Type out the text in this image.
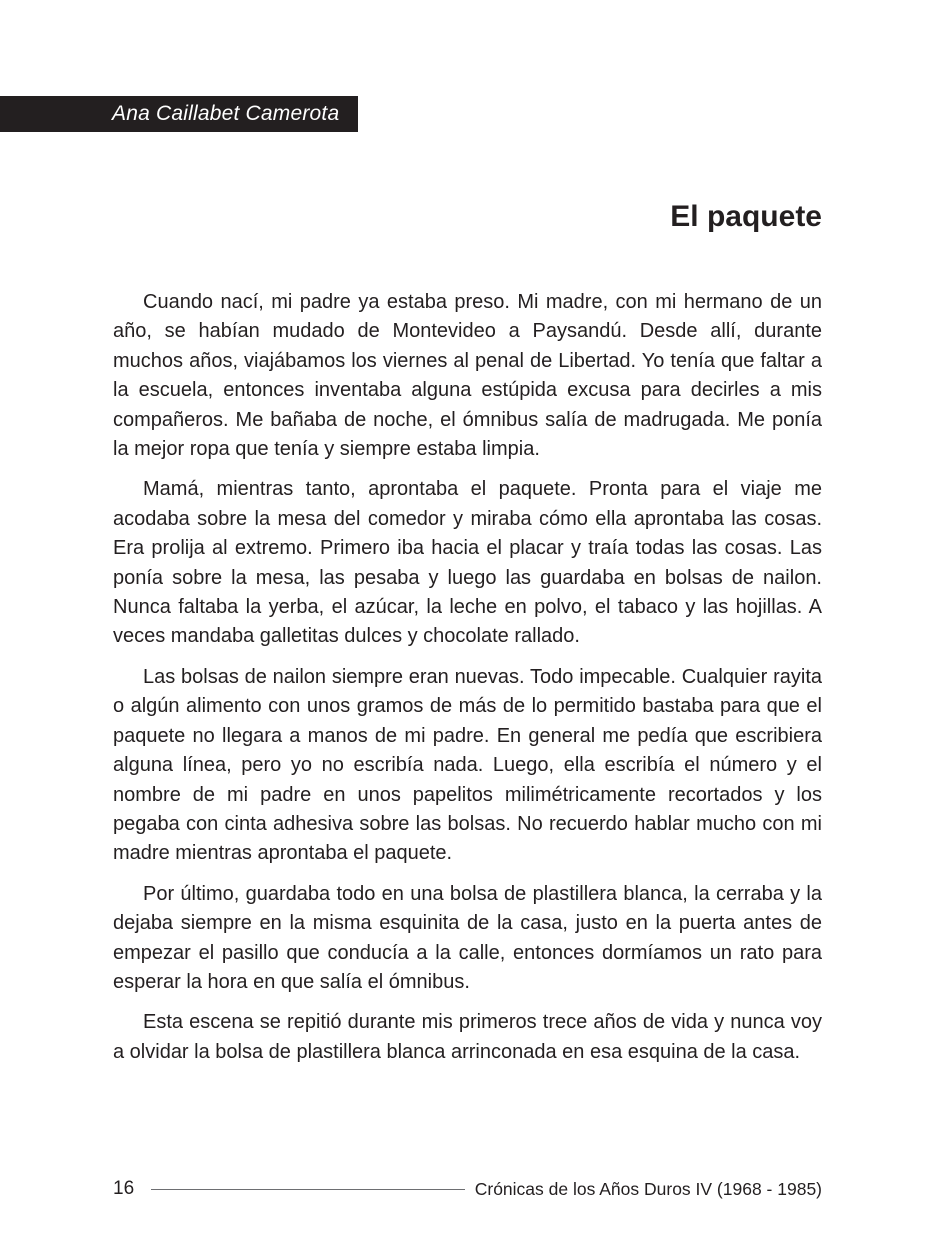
Ana Caillabet Camerota
El paquete

Cuando nací, mi padre ya estaba preso. Mi madre, con mi hermano de un año, se habían mudado de Montevideo a Paysandú. Desde allí, durante muchos años, viajábamos los viernes al penal de Libertad. Yo tenía que faltar a la escuela, entonces inventaba alguna estúpida excusa para decirles a mis compañeros. Me bañaba de noche, el ómnibus salía de madrugada. Me ponía la mejor ropa que tenía y siempre estaba limpia.

Mamá, mientras tanto, aprontaba el paquete. Pronta para el viaje me acodaba sobre la mesa del comedor y miraba cómo ella aprontaba las cosas. Era prolija al extremo. Primero iba hacia el placar y traía todas las cosas. Las ponía sobre la mesa, las pesaba y luego las guardaba en bolsas de nailon. Nunca faltaba la yerba, el azúcar, la leche en polvo, el tabaco y las hojillas. A veces mandaba galletitas dulces y chocolate rallado.

Las bolsas de nailon siempre eran nuevas. Todo impecable. Cualquier rayita o algún alimento con unos gramos de más de lo permitido bastaba para que el paquete no llegara a manos de mi padre. En general me pedía que escribiera alguna línea, pero yo no escribía nada. Luego, ella escribía el número y el nombre de mi padre en unos papelitos milimétricamente recortados y los pegaba con cinta adhesiva sobre las bolsas. No recuerdo hablar mucho con mi madre mientras aprontaba el paquete.

Por último, guardaba todo en una bolsa de plastillera blanca, la cerraba y la dejaba siempre en la misma esquinita de la casa, justo en la puerta antes de empezar el pasillo que conducía a la calle, entonces dormíamos un rato para esperar la hora en que salía el ómnibus.

Esta escena se repitió durante mis primeros trece años de vida y nunca voy a olvidar la bolsa de plastillera blanca arrinconada en esa esquina de la casa.

16	Crónicas de los Años Duros IV (1968 - 1985)
